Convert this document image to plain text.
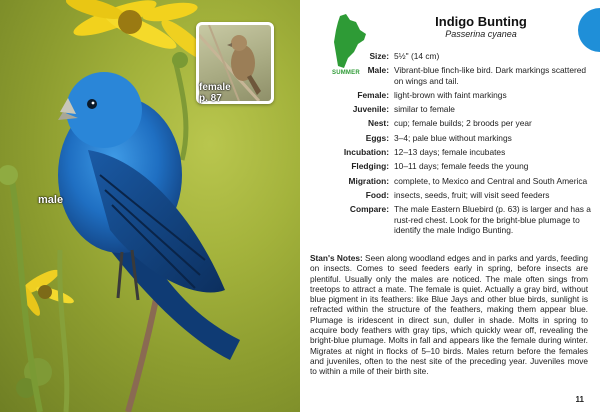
female
p. 87
male
SUMMER
Indigo Bunting
Passerina cyanea
Size: 5½" (14 cm)
Male: Vibrant-blue finch-like bird. Dark markings scattered on wings and tail.
Female: light-brown with faint markings
Juvenile: similar to female
Nest: cup; female builds; 2 broods per year
Eggs: 3–4; pale blue without markings
Incubation: 12–13 days; female incubates
Fledging: 10–11 days; female feeds the young
Migration: complete, to Mexico and Central and South America
Food: insects, seeds, fruit; will visit seed feeders
Compare: The male Eastern Bluebird (p. 63) is larger and has a rust-red chest. Look for the bright-blue plumage to identify the male Indigo Bunting.
Stan's Notes: Seen along woodland edges and in parks and yards, feeding on insects. Comes to seed feeders early in spring, before insects are plentiful. Usually only the males are noticed. The male often sings from treetops to attract a mate. The female is quiet. Actually a gray bird, without blue pigment in its feathers: like Blue Jays and other blue birds, sunlight is refracted within the structure of the feathers, making them appear blue. Plumage is iridescent in direct sun, duller in shade. Molts in spring to acquire body feathers with gray tips, which quickly wear off, revealing the bright-blue plumage. Molts in fall and appears like the female during winter. Migrates at night in flocks of 5–10 birds. Males return before the females and juveniles, often to the nest site of the preceding year. Juveniles move to within a mile of their birth site.
11
